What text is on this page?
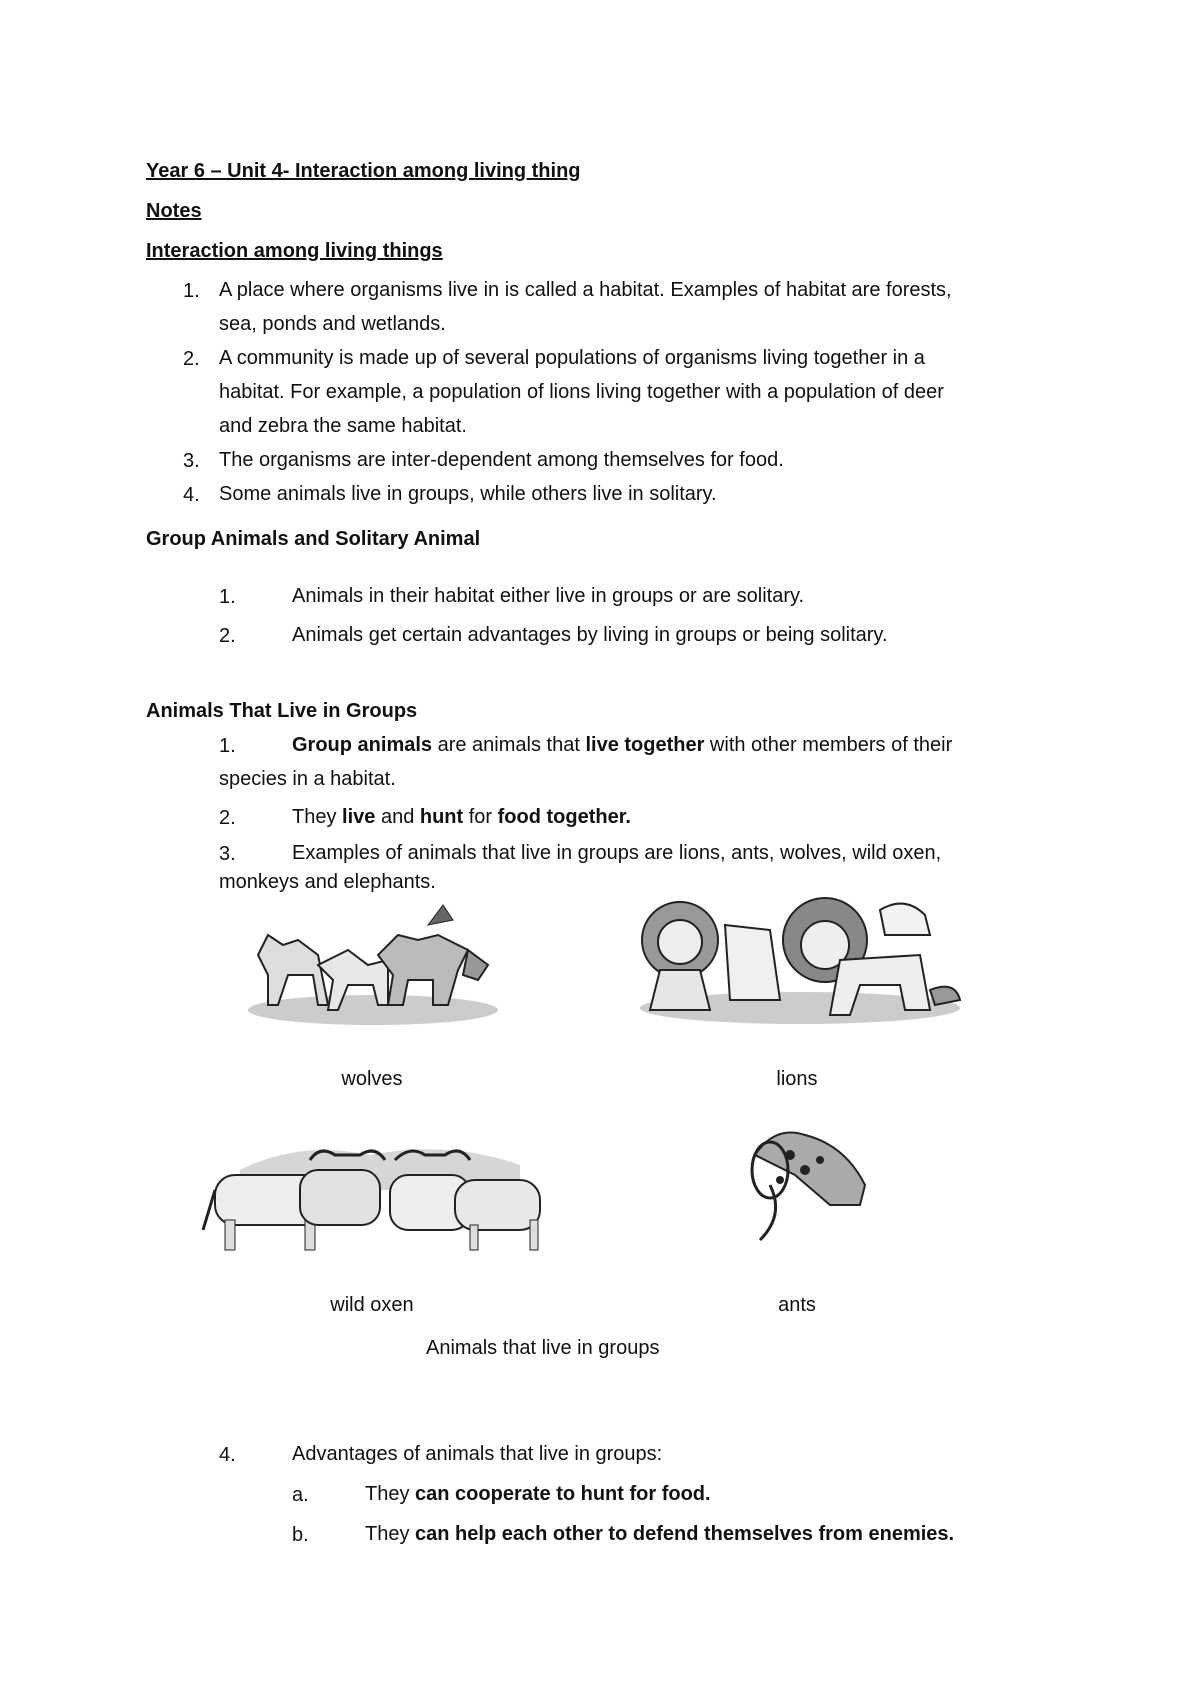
Year 6 – Unit 4- Interaction among living thing
Notes
Interaction among living things
1. A place where organisms live in is called a habitat. Examples of habitat are forests,
sea, ponds and wetlands.
2. A community is made up of several populations of organisms living together in a
habitat. For example, a population of lions living together with a population of deer
and zebra the same habitat.
3. The organisms are inter-dependent among themselves for food.
4. Some animals live in groups, while others live in solitary.
Group Animals and Solitary Animal
1.	Animals in their habitat either live in groups or are solitary.
2.	Animals get certain advantages by living in groups or being solitary.
Animals That Live in Groups
1.	Group animals are animals that live together with other members of their
species in a habitat.
2.	They live and hunt for food together.
3.	Examples of animals that live in groups are lions, ants, wolves, wild oxen,
monkeys and elephants.
wolves	lions
wild oxen	ants
Animals that live in groups
4.	Advantages of animals that live in groups:
a.	They can cooperate to hunt for food.
b.	They can help each other to defend themselves from enemies.
